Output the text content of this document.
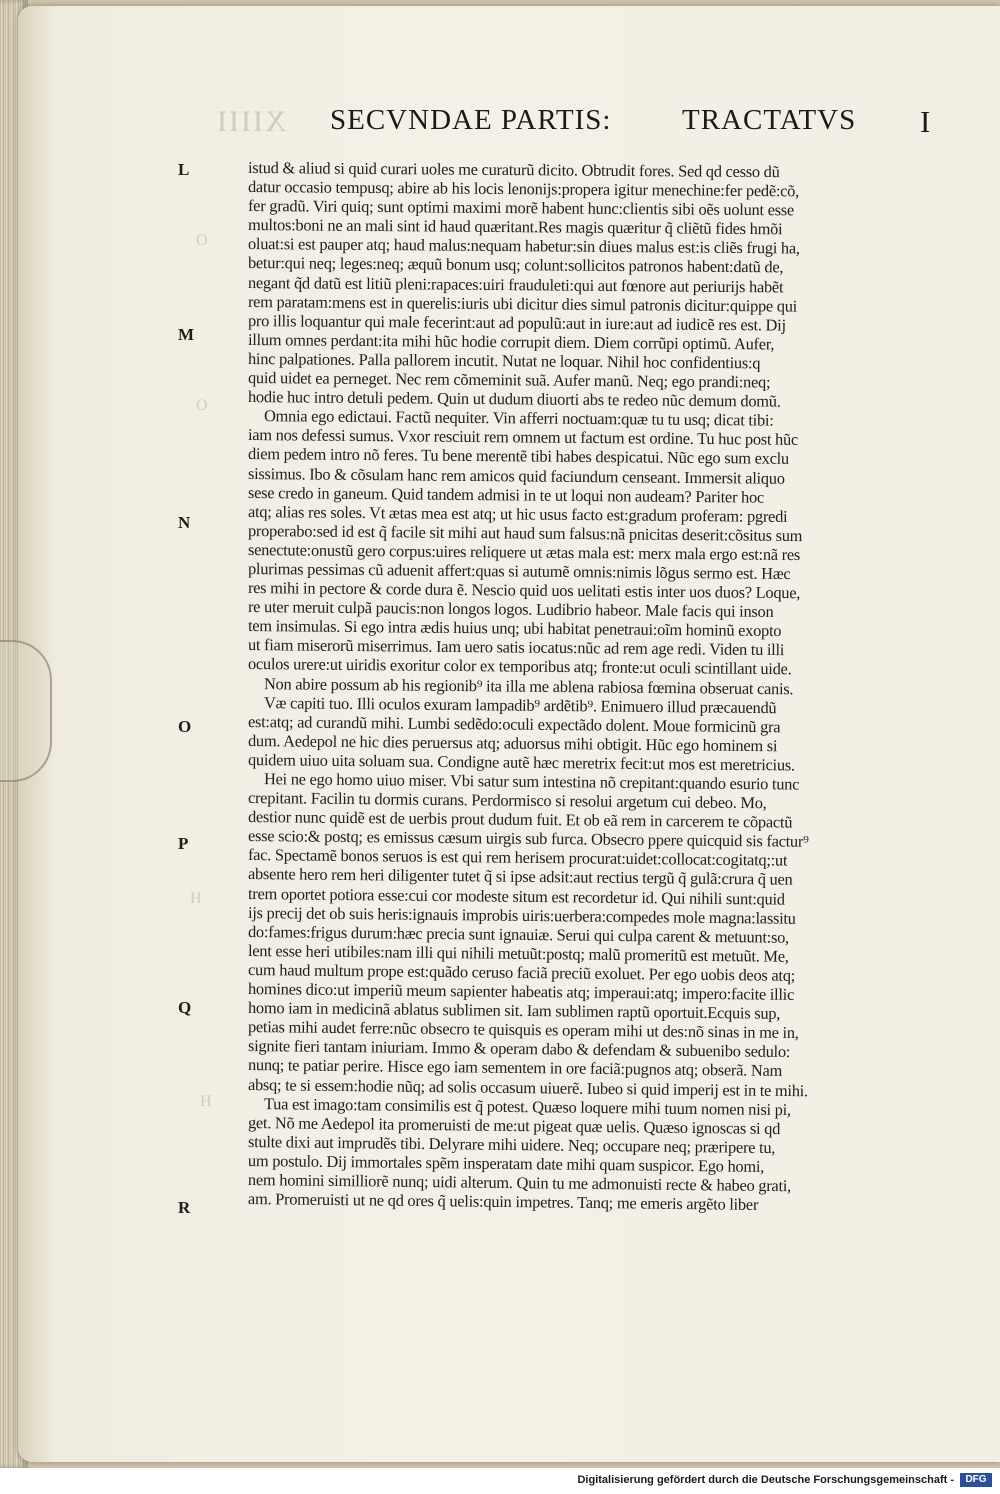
XIIII SECVNDAE PARTIS: TRACTATVS I
L
M
N
O
P
Q
R
O
O
H
H
istud & aliud si quid curari uoles me curaturũ dicito. Obtrudit fores. Sed qd cesso dũ
datur occasio tempusq; abire ab his locis lenonijs:propera igitur menechine:fer pedẽ:cõ,
fer gradũ. Viri quiq; sunt optimi maximi morẽ habent hunc:clientis sibi oẽs uolunt esse
multos:boni ne an mali sint id haud quæritant.Res magis quæritur q̃ cliẽtũ fides hmõi
oluat:si est pauper atq; haud malus:nequam habetur:sin diues malus est:is cliẽs frugi ha,
betur:qui neq; leges:neq; æquũ bonum usq; colunt:sollicitos patronos habent:datũ de,
negant q̃d datũ est litiũ pleni:rapaces:uiri frauduleti:qui aut fœnore aut periurijs habẽt
rem paratam:mens est in querelis:iuris ubi dicitur dies simul patronis dicitur:quippe qui
pro illis loquantur qui male fecerint:aut ad populũ:aut in iure:aut ad iudicẽ res est. Dij
illum omnes perdant:ita mihi hũc hodie corrupit diem. Diem corrũpi optimũ. Aufer,
hinc palpationes. Palla pallorem incutit. Nutat ne loquar. Nihil hoc confidentius:q
quid uidet ea perneget. Nec rem cõmeminit suã. Aufer manũ. Neq; ego prandi:neq;
hodie huc intro detuli pedem. Quin ut dudum diuorti abs te redeo nũc demum domũ.
Omnia ego edictaui. Factũ nequiter. Vin afferri noctuam:quæ tu tu usq; dicat tibi:
iam nos defessi sumus. Vxor resciuit rem omnem ut factum est ordine. Tu huc post hũc
diem pedem intro nõ feres. Tu bene merentẽ tibi habes despicatui. Nũc ego sum exclu
sissimus. Ibo & cõsulam hanc rem amicos quid faciundum censeant. Immersit aliquo
sese credo in ganeum. Quid tandem admisi in te ut loqui non audeam? Pariter hoc
atq; alias res soles. Vt ætas mea est atq; ut hic usus facto est:gradum proferam: pgredi
properabo:sed id est q̃ facile sit mihi aut haud sum falsus:nã pnicitas deserit:cõsitus sum
senectute:onustũ gero corpus:uires reliquere ut ætas mala est: merx mala ergo est:nã res
plurimas pessimas cũ aduenit affert:quas si autumẽ omnis:nimis lõgus sermo est. Hæc
res mihi in pectore & corde dura ẽ. Nescio quid uos uelitati estis inter uos duos? Loque,
re uter meruit culpã paucis:non longos logos. Ludibrio habeor. Male facis qui inson
tem insimulas. Si ego intra ædis huius unq; ubi habitat penetraui:oĩm hominũ exopto
ut fiam miserorũ miserrimus. Iam uero satis iocatus:nũc ad rem age redi. Viden tu illi
oculos urere:ut uiridis exoritur color ex temporibus atq; fronte:ut oculi scintillant uide.
Non abire possum ab his regionib⁹ ita illa me ablena rabiosa fœmina obseruat canis.
Væ capiti tuo. Illi oculos exuram lampadib⁹ ardẽtib⁹. Enimuero illud præcauendũ
est:atq; ad curandũ mihi. Lumbi sedẽdo:oculi expectãdo dolent. Moue formicinũ gra
dum. Aedepol ne hic dies peruersus atq; aduorsus mihi obtigit. Hũc ego hominem si
quidem uiuo uita soluam sua. Condigne autẽ hæc meretrix fecit:ut mos est meretricius.
Hei ne ego homo uiuo miser. Vbi satur sum intestina nõ crepitant:quando esurio tunc
crepitant. Facilin tu dormis curans. Perdormisco si resolui argetum cui debeo. Mo,
destior nunc quidẽ est de uerbis prout dudum fuit. Et ob eã rem in carcerem te cõpactũ
esse scio:& postq; es emissus cæsum uirgis sub furca. Obsecro ppere quicquid sis factur⁹
fac. Spectamẽ bonos seruos is est qui rem herisem procurat:uidet:collocat:cogitatq;:ut
absente hero rem heri diligenter tutet q̃ si ipse adsit:aut rectius tergũ q̃ gulã:crura q̃ uen
trem oportet potiora esse:cui cor modeste situm est recordetur id. Qui nihili sunt:quid
ijs precij det ob suis heris:ignauis improbis uiris:uerbera:compedes mole magna:lassitu
do:fames:frigus durum:hæc precia sunt ignauiæ. Serui qui culpa carent & metuunt:so,
lent esse heri utibiles:nam illi qui nihili metuũt:postq; malũ promeritũ est metuũt. Me,
cum haud multum prope est:quãdo ceruso faciã preciũ exoluet. Per ego uobis deos atq;
homines dico:ut imperiũ meum sapienter habeatis atq; imperaui:atq; impero:facite illic
homo iam in medicinã ablatus sublimen sit. Iam sublimen raptũ oportuit.Ecquis sup,
petias mihi audet ferre:nũc obsecro te quisquis es operam mihi ut des:nõ sinas in me in,
signite fieri tantam iniuriam. Immo & operam dabo & defendam & subuenibo sedulo:
nunq; te patiar perire. Hisce ego iam sementem in ore faciã:pugnos atq; obserã. Nam
absq; te si essem:hodie nũq; ad solis occasum uiuerẽ. Iubeo si quid imperij est in te mihi.
Tua est imago:tam consimilis est q̃ potest. Quæso loquere mihi tuum nomen nisi pi,
get. Nõ me Aedepol ita promeruisti de me:ut pigeat quæ uelis. Quæso ignoscas si qd
stulte dixi aut imprudẽs tibi. Delyrare mihi uidere. Neq; occupare neq; præripere tu,
um postulo. Dij immortales spẽm insperatam date mihi quam suspicor. Ego homi,
nem homini similliorẽ nunq; uidi alterum. Quin tu me admonuisti recte & habeo grati,
am. Promeruisti ut ne qd ores q̃ uelis:quin impetres. Tanq; me emeris argẽto liber
Digitalisierung gefördert durch die Deutsche Forschungsgemeinschaft -	DFG
